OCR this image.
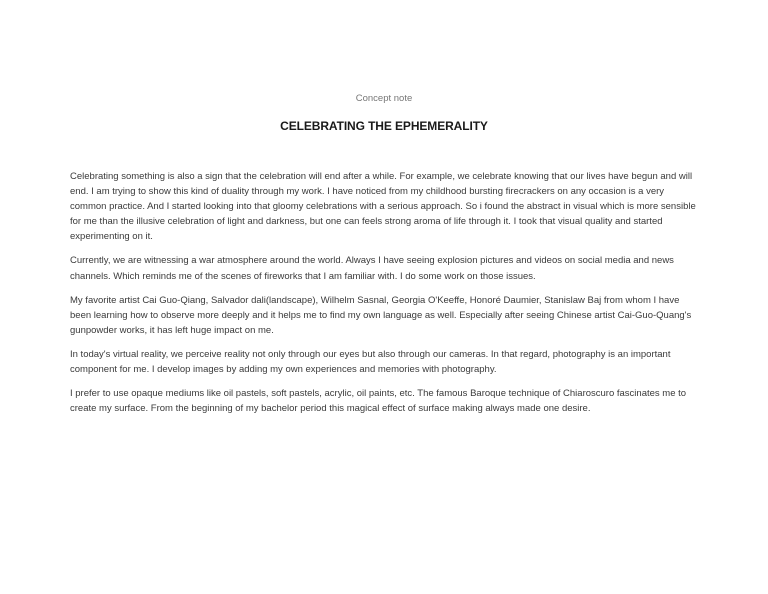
Concept note
CELEBRATING THE EPHEMERALITY

Celebrating something is also a sign that the celebration will end after a while. For example, we celebrate knowing that our lives have begun and will end. I am trying to show this kind of duality through my work. I have noticed from my childhood bursting firecrackers on any occasion is a very common practice. And I started looking into that gloomy celebrations with a serious approach. So i found the abstract in visual which is more sensible for me than the illusive celebration of light and darkness, but one can feels strong aroma of life through it. I took that visual quality and started experimenting on it.

Currently, we are witnessing a war atmosphere around the world. Always I have seeing explosion pictures and videos on social media and news channels. Which reminds me of the scenes of fireworks that I am familiar with. I do some work on those issues.

My favorite artist Cai Guo-Qiang, Salvador dali(landscape), Wilhelm Sasnal, Georgia O'Keeffe, Honoré Daumier, Stanislaw Baj from whom I have been learning how to observe more deeply and it helps me to find my own language as well. Especially after seeing Chinese artist Cai-Guo-Quang's gunpowder works, it has left huge impact on me.

In today's virtual reality, we perceive reality not only through our eyes but also through our cameras. In that regard, photography is an important component for me. I develop images by adding my own experiences and memories with photography.

I prefer to use opaque mediums like oil pastels, soft pastels, acrylic, oil paints, etc. The famous Baroque technique of Chiaroscuro fascinates me to create my surface. From the beginning of my bachelor period this magical effect of surface making always made one desire.
